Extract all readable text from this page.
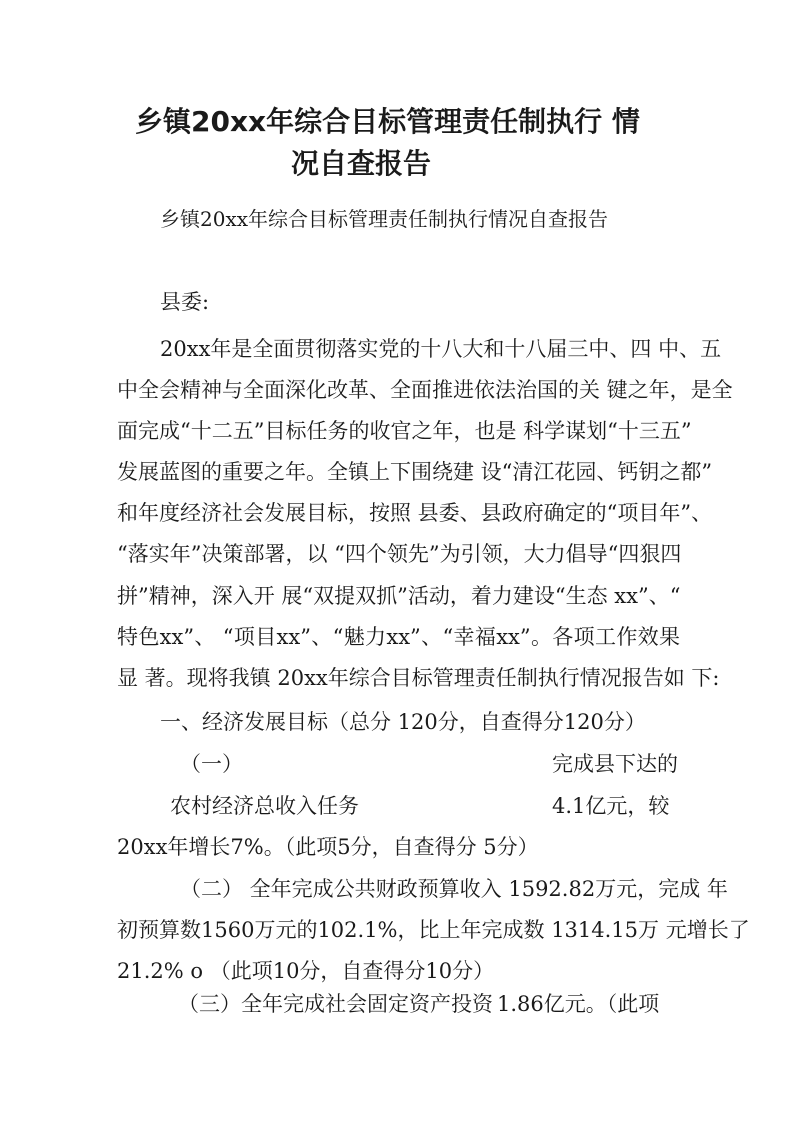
乡镇20xx年综合目标管理责任制执行 情
况自查报告

乡镇20xx年综合目标管理责任制执行情况自查报告

县委:

20xx年是全面贯彻落实党的十八大和十八届三中、四 中、五

中全会精神与全面深化改革、全面推进依法治国的关 键之年，是全

面完成“十二五”目标任务的收官之年，也是 科学谋划“十三五”

发展蓝图的重要之年。全镇上下围绕建 设“清江花园、钙钥之都”

和年度经济社会发展目标，按照 县委、县政府确定的“项目年”、

“落实年”决策部署，以 “四个领先”为引领，大力倡导“四狠四

拼”精神，深入开 展“双提双抓”活动，着力建设“生态 xx”、“

特色xx”、 “项目xx”、“魅力xx”、“幸福xx”。各项工作效果

显 著。现将我镇 20xx年综合目标管理责任制执行情况报告如 下:

一、经济发展目标（总分 120分，自查得分120分）

（一）	完成县下达的

农村经济总收入任务	4.1亿元，较

20xx年增长7%。（此项5分，自查得分 5分）

（二） 全年完成公共财政预算收入 1592.82万元，完成 年

初预算数1560万元的102.1%，比上年完成数 1314.15万 元增长了

21.2% o （此项10分，自查得分10分）

（三）全年完成社会固定资产投资 1.86亿元。（此项
